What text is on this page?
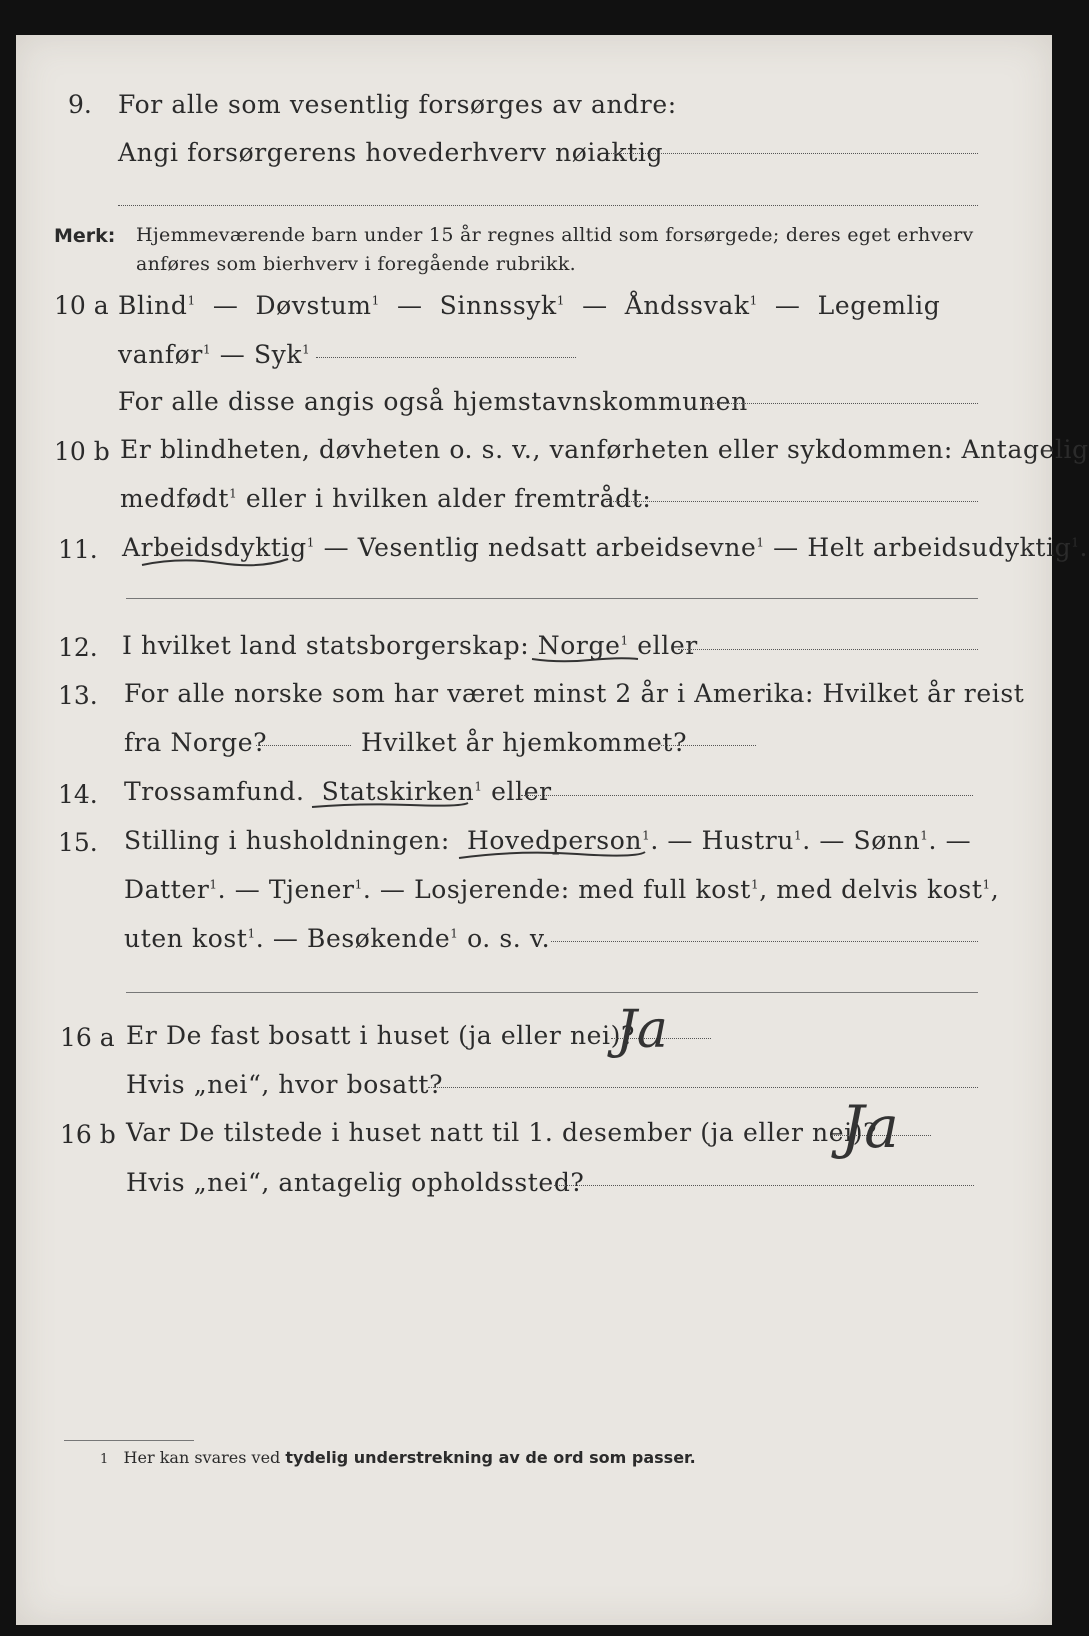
9. For alle som vesentlig forsørges av andre:
Angi forsørgerens hovederhverv nøiaktig
Merk: Hjemmeværende barn under 15 år regnes alltid som forsørgede; deres eget erhverv
anføres som bierhverv i foregående rubrikk.
10 a Blind$^1$ — Døvstum$^1$ — Sinnssyk$^1$ — Åndssvak$^1$ — Legemlig
vanfør$^1$ — Syk$^1$
For alle disse angis også hjemstavnskommunen
10 b Er blindheten, døvheten o. s. v., vanførheten eller sykdommen: Antagelig
medfødt$^1$ eller i hvilken alder fremtrådt:
11. Arbeidsdyktig$^1$ — Vesentlig nedsatt arbeidsevne$^1$ — Helt arbeidsudyktig$^1$.
12. I hvilket land statsborgerskap: Norge$^1$ eller
13. For alle norske som har været minst 2 år i Amerika: Hvilket år reist
fra Norge?	Hvilket år hjemkommet?
14. Trossamfund. Statskirken$^1$ eller
15. Stilling i husholdningen: Hovedperson$^1$.
— Hustru$^1$. — Sønn$^1$. —
Datter$^1$. — Tjener$^1$. — Losjerende: med full kost$^1$, med delvis kost$^1$,
uten kost$^1$. — Besøkende$^1$ o. s. v.
16 a Er De fast bosatt i huset (ja eller nei)?
Ja
Hvis „nei“, hvor bosatt?
16 b Var De tilstede i huset natt til 1. desember (ja eller nei)?
Ja
Hvis „nei“, antagelig opholdssted?
1 Her kan svares ved tydelig understrekning av de ord som passer.
